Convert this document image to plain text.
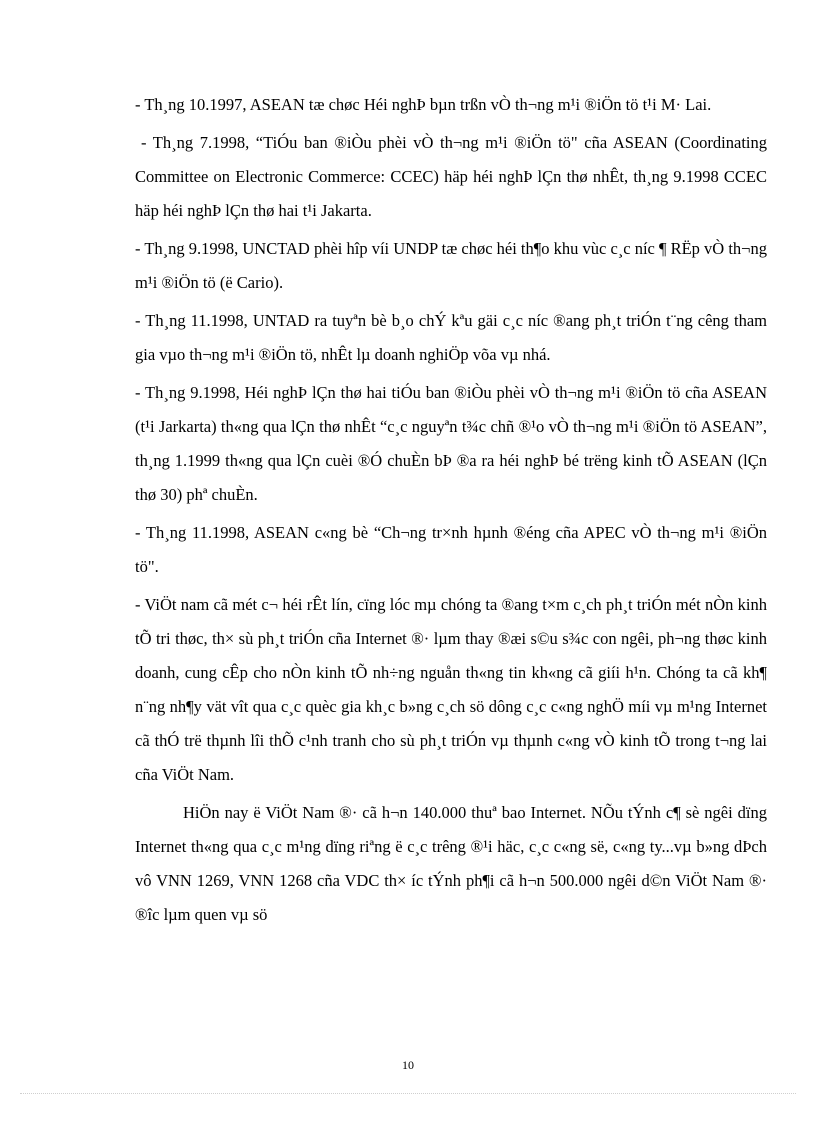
- Th¸ng 10.1997, ASEAN tæ chøc Héi nghÞ bµn trßn vÒ th¬ng m¹i ®iÖn tö t¹i M· Lai.

- Th¸ng 7.1998, “TiÓu ban ®iÒu phèi vÒ th¬ng m¹i ®iÖn tö" cña ASEAN (Coordinating Committee on Electronic Commerce: CCEC) häp héi nghÞ lÇn thø nhÊt, th¸ng 9.1998 CCEC häp héi nghÞ lÇn thø hai t¹i Jakarta.

- Th¸ng 9.1998, UNCTAD phèi hîp víi UNDP tæ chøc héi th¶o khu vùc c¸c níc ¶ RËp vÒ th¬ng m¹i ®iÖn tö (ë Cario).

- Th¸ng 11.1998, UNTAD ra tuyªn bè b¸o chÝ kªu gäi c¸c níc ®ang ph¸t triÓn t¨ng cêng tham gia vµo th¬ng m¹i ®iÖn tö, nhÊt lµ doanh nghiÖp võa vµ nhá.

- Th¸ng 9.1998, Héi nghÞ lÇn thø hai tiÓu ban ®iÒu phèi vÒ th¬ng m¹i ®iÖn tö cña ASEAN (t¹i Jarkarta) th«ng qua lÇn thø nhÊt “c¸c nguyªn t¾c chñ ®¹o vÒ th¬ng m¹i ®iÖn tö ASEAN”, th¸ng 1.1999 th«ng qua lÇn cuèi ®Ó chuÈn bÞ ®a ra héi nghÞ bé trëng kinh tÕ ASEAN (lÇn thø 30) phª chuÈn.

- Th¸ng 11.1998, ASEAN c«ng bè “Ch¬ng tr×nh hµnh ®éng cña APEC vÒ th¬ng m¹i ®iÖn tö".

- ViÖt nam cã mét c¬ héi rÊt lín, cïng lóc mµ chóng ta ®ang t×m c¸ch ph¸t triÓn mét nÒn kinh tÕ tri thøc, th× sù ph¸t triÓn cña Internet ®· lµm thay ®æi s©u s¾c con ngêi, ph¬ng thøc kinh doanh, cung cÊp cho nÒn kinh tÕ nh÷ng nguån th«ng tin kh«ng cã giíi h¹n. Chóng ta cã kh¶ n¨ng nh¶y vät vît qua c¸c quèc gia kh¸c b»ng c¸ch sö dông c¸c c«ng nghÖ míi vµ m¹ng Internet cã thÓ trë thµnh lîi thÕ c¹nh tranh cho sù ph¸t triÓn vµ thµnh c«ng vÒ kinh tÕ trong t¬ng lai cña ViÖt Nam.

HiÖn nay ë ViÖt Nam ®· cã h¬n 140.000 thuª bao Internet. NÕu tÝnh c¶ sè ngêi dïng Internet th«ng qua c¸c m¹ng dïng riªng ë c¸c trêng ®¹i häc, c¸c c«ng së, c«ng ty...vµ b»ng dÞch vô VNN 1269, VNN 1268 cña VDC th× íc tÝnh ph¶i cã h¬n 500.000 ngêi d©n ViÖt Nam ®· ®îc lµm quen vµ sö

10
